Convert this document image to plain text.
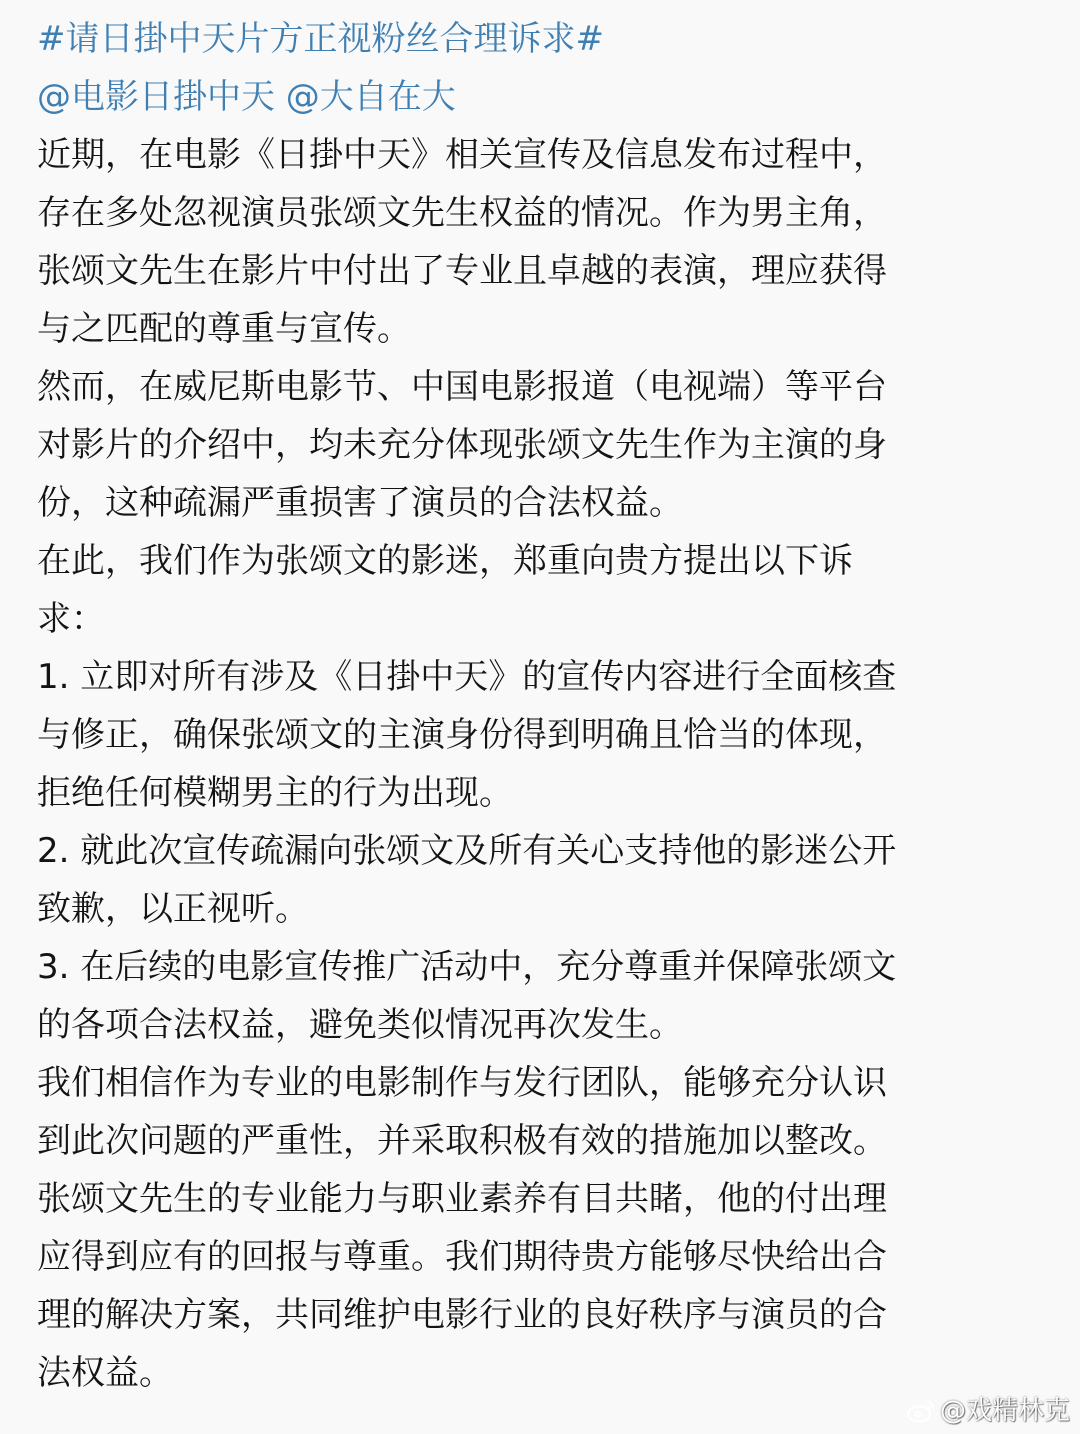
#请日掛中天片方正视粉丝合理诉求#
@电影日掛中天 @大自在大
近期，在电影《日掛中天》相关宣传及信息发布过程中，
存在多处忽视演员张颂文先生权益的情况。作为男主角，
张颂文先生在影片中付出了专业且卓越的表演，理应获得
与之匹配的尊重与宣传。
然而，在威尼斯电影节、中国电影报道（电视端）等平台
对影片的介绍中，均未充分体现张颂文先生作为主演的身
份，这种疏漏严重损害了演员的合法权益。
在此，我们作为张颂文的影迷，郑重向贵方提出以下诉
求：
1. 立即对所有涉及《日掛中天》的宣传内容进行全面核查
与修正，确保张颂文的主演身份得到明确且恰当的体现，
拒绝任何模糊男主的行为出现。
2. 就此次宣传疏漏向张颂文及所有关心支持他的影迷公开
致歉，以正视听。
3. 在后续的电影宣传推广活动中，充分尊重并保障张颂文
的各项合法权益，避免类似情况再次发生。
我们相信作为专业的电影制作与发行团队，能够充分认识
到此次问题的严重性，并采取积极有效的措施加以整改。
张颂文先生的专业能力与职业素养有目共睹，他的付出理
应得到应有的回报与尊重。我们期待贵方能够尽快给出合
理的解决方案，共同维护电影行业的良好秩序与演员的合
法权益。
@戏精林克
